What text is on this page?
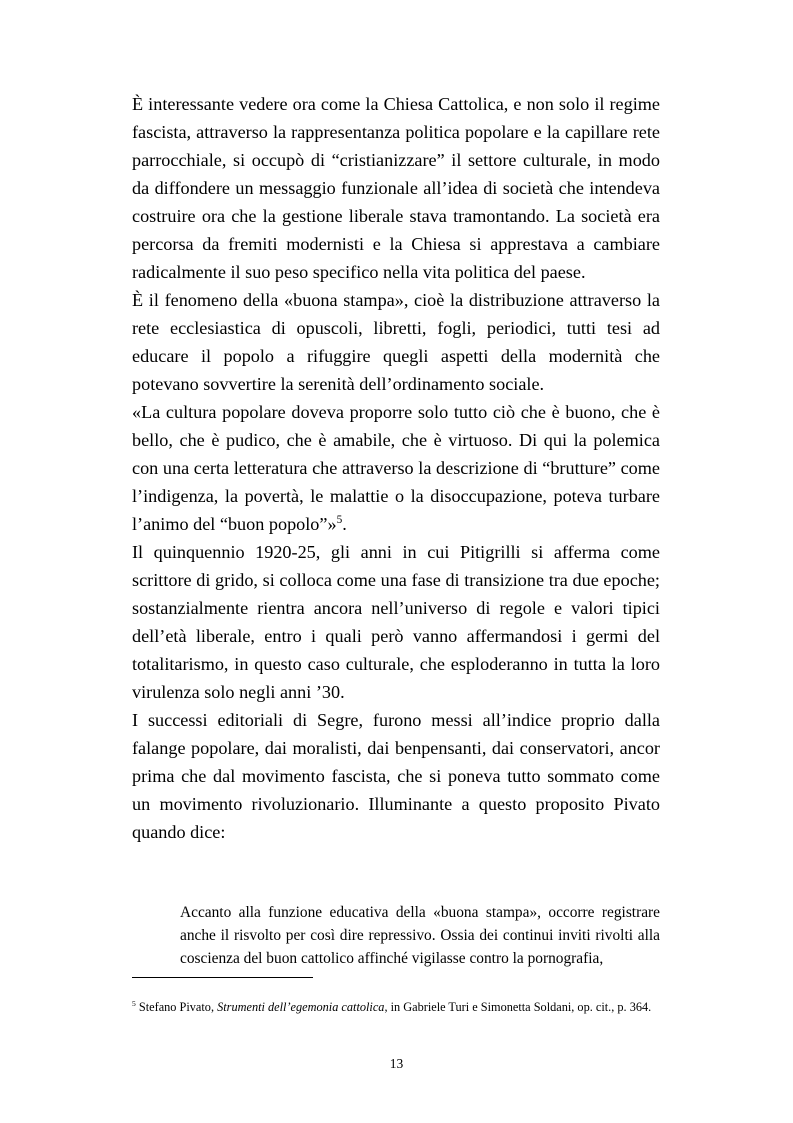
È interessante vedere ora come la Chiesa Cattolica, e non solo il regime fascista, attraverso la rappresentanza politica popolare e la capillare rete parrocchiale, si occupò di “cristianizzare” il settore culturale, in modo da diffondere un messaggio funzionale all’idea di società che intendeva costruire ora che la gestione liberale stava tramontando. La società era percorsa da fremiti modernisti e la Chiesa si apprestava a cambiare radicalmente il suo peso specifico nella vita politica del paese.

È il fenomeno della «buona stampa», cioè la distribuzione attraverso la rete ecclesiastica di opuscoli, libretti, fogli, periodici, tutti tesi ad educare il popolo a rifuggire quegli aspetti della modernità che potevano sovvertire la serenità dell’ordinamento sociale.

«La cultura popolare doveva proporre solo tutto ciò che è buono, che è bello, che è pudico, che è amabile, che è virtuoso. Di qui la polemica con una certa letteratura che attraverso la descrizione di “brutture” come l’indigenza, la povertà, le malattie o la disoccupazione, poteva turbare l’animo del “buon popolo”»$^5$.

Il quinquennio 1920-25, gli anni in cui Pitigrilli si afferma come scrittore di grido, si colloca come una fase di transizione tra due epoche; sostanzialmente rientra ancora nell’universo di regole e valori tipici dell’età liberale, entro i quali però vanno affermandosi i germi del totalitarismo, in questo caso culturale, che esploderanno in tutta la loro virulenza solo negli anni ’30.

I successi editoriali di Segre, furono messi all’indice proprio dalla falange popolare, dai moralisti, dai benpensanti, dai conservatori, ancor prima che dal movimento fascista, che si poneva tutto sommato come un movimento rivoluzionario. Illuminante a questo proposito Pivato quando dice:

Accanto alla funzione educativa della «buona stampa», occorre registrare anche il risvolto per così dire repressivo. Ossia dei continui inviti rivolti alla coscienza del buon cattolico affinché vigilasse contro la pornografia,

$^5$ Stefano Pivato, Strumenti dell’egemonia cattolica, in Gabriele Turi e Simonetta Soldani, op. cit., p. 364.

13
